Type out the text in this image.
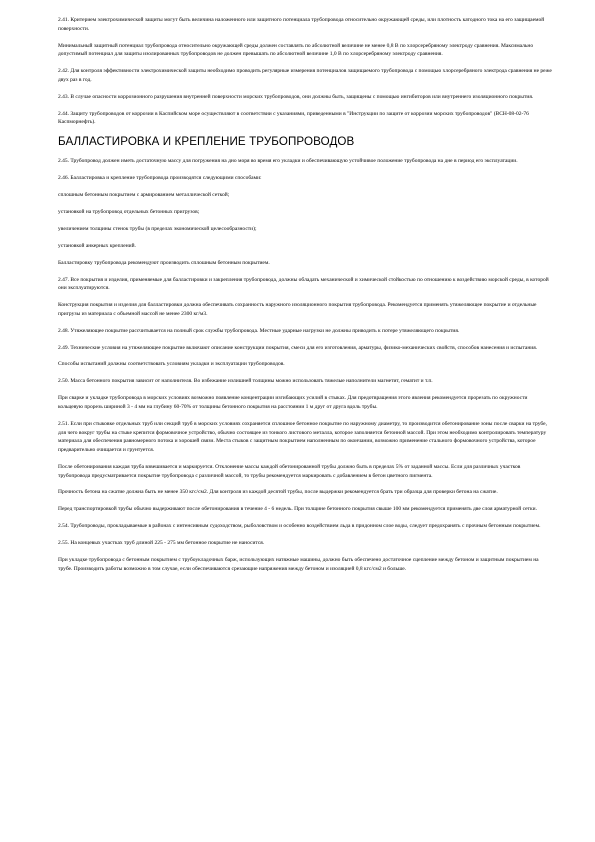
2.41. Критерием электрохимической защиты могут быть величина наложенного или защитного потенциала трубопровода относительно окружающей среды, или плотность катодного тока на его защищаемой поверхности.

Минимальный защитный потенциал трубопровода относительно окружающей среды должен составлять по абсолютной величине не менее 0,8 В по хлорсеребряному электроду сравнения. Максимально допустимый потенциал для защиты изолированных трубопроводов не должен превышать по абсолютной величине 1,0 В по хлорсеребряному электроду сравнения.

2.42. Для контроля эффективности электрохимической защиты необходимо проводить регулярные измерения потенциалов защищаемого трубопровода с помощью хлорсеребряного электрода сравнения не реже двух раз в год.

2.43. В случае опасности коррозионного разрушения внутренней поверхности морских трубопроводов, они должны быть, защищены с помощью ингибиторов или внутреннего изоляционного покрытия.

2.44. Защиту трубопроводов от коррозии в Каспийском море осуществляют в соответствии с указаниями, приведенными в "Инструкции по защите от коррозии морских трубопроводов" (ВСН-08-02-76 Каспморнефть).

БАЛЛАСТИРОВКА И КРЕПЛЕНИЕ ТРУБОПРОВОДОВ

2.45. Трубопровод должен иметь достаточную массу для погружения на дно моря во время его укладки и обеспечивающую устойчивое положение трубопровода на дне в период его эксплуатации.

2.46. Балластировка и крепление трубопровода производятся следующими способами:

сплошным бетонным покрытием с армированием металлической сеткой;

установкой на трубопровод отдельных бетонных пригрузов;

увеличением толщины стенок трубы (в пределах экономической целесообразности);

установкой анкерных креплений.

Балластировку трубопровода рекомендуют производить сплошным бетонным покрытием.

2.47. Все покрытия и изделия, применяемые для балластировки и закрепления трубопровода, должны обладать механической и химической стойкостью по отношению к воздействию морской среды, в которой они эксплуатируются.

Конструкция покрытия и изделия для балластировки должна обеспечивать сохранность наружного изоляционного покрытия трубопровода. Рекомендуется применять утяжеляющее покрытие и отдельные пригрузы из материала с объемной массой не менее 2300 кг/м3.

2.48. Утяжеляющее покрытие рассчитывается на полный срок службы трубопровода. Местные ударные нагрузки не должны приводить к потере утяжеляющего покрытия.

2.49. Технические условия на утяжеляющее покрытие включают описание конструкции покрытия, смеси для его изготовления, арматуры, физико-механических свойств, способов нанесения и испытания.

Способы испытаний должны соответствовать условиям укладки и эксплуатации трубопроводов.

2.50. Масса бетонного покрытия зависит от наполнителя. Во избежание излишней толщины можно использовать тяжелые наполнители магнетит, гематит и т.п.

При сварке и укладке трубопровода в морских условиях возможно появление концентрации изгибающих усилий в стыках. Для предотвращения этого явления рекомендуется прорезать по окружности кольцевую прорезь шириной 3 - 4 мм на глубину 60-70% от толщины бетонного покрытия на расстоянии 1 м друг от друга вдоль трубы.

2.51. Если при стыковке отдельных труб или секций труб в морских условиях сохраняется сплошное бетонное покрытие по наружному диаметру, то производится обетонирование зоны после сварки на трубе, для чего вокруг трубы на стыке крепится формовочное устройство, обычно состоящее из тонкого листового металла, которое заполняется бетонной массой. При этом необходимо контролировать температуру материала для обеспечения равномерного потока и хорошей связи. Места стыков с защитным покрытием наполненным по окончании, возможно применение стального формовочного устройства, которое предварительно очищается и грунтуется.

После обетонирования каждая труба взвешивается и маркируется. Отклонение массы каждой обетонированной трубы должно быть в пределах 5% от заданной массы. Если для различных участков трубопровода предусматривается покрытие трубопровода с различной массой, то трубы рекомендуется маркировать с добавлением в бетон цветного пигмента.

Прочность бетона на сжатие должна быть не менее 350 кгс/см2. Для контроля из каждой десятой трубы, после выдержки рекомендуется брать три образца для проверки бетона на сжатие.

Перед транспортировкой трубы обычно выдерживают после обетонирования в течение 4 - 6 недель. При толщине бетонного покрытия свыше 100 мм рекомендуется применять две слоя арматурной сетки.

2.54. Трубопроводы, прокладываемые в районах с интенсивным судоходством, рыболовством и особенно воздействием льда в придонном слое воды, следует предохранять с прочным бетонным покрытием.

2.55. На концевых участках труб длиной 225 - 275 мм бетонное покрытие не наносится.

При укладке трубопровода с бетонным покрытием с трубоукладочных барж, использующих натяжные машины, должно быть обеспечено достаточное сцепление между бетоном и защитным покрытием на трубе. Производить работы возможно в том случае, если обеспечиваются срезающие напряжения между бетоном и изоляцией 0,8 кгс/см2 и больше.
